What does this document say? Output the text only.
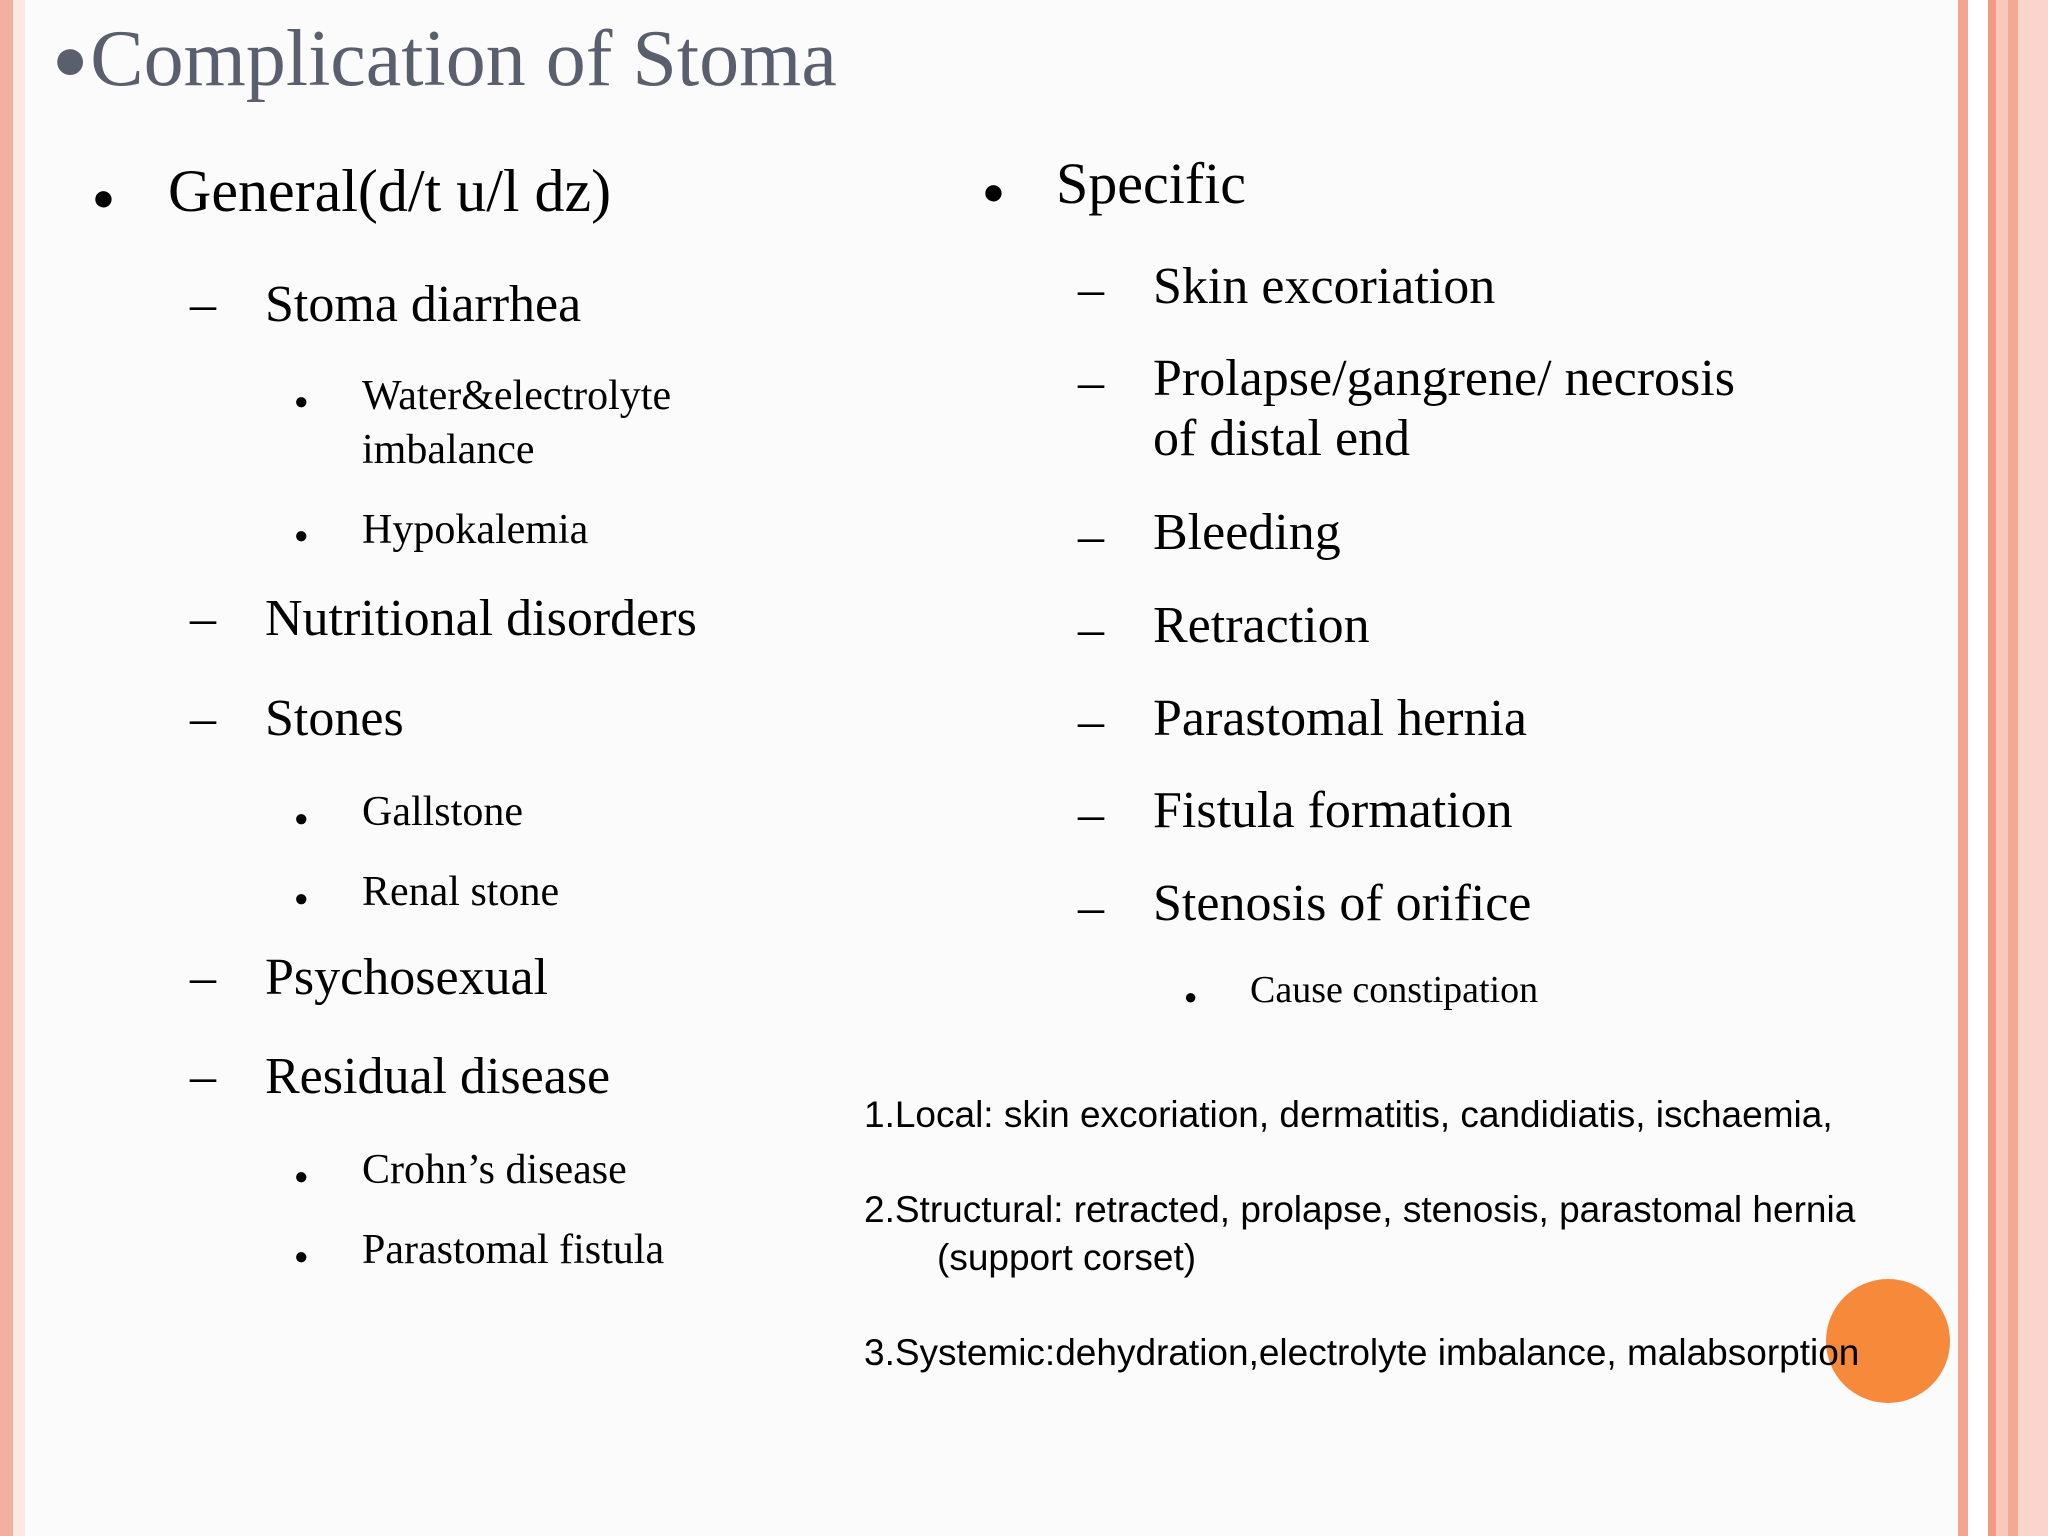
●Complication of Stoma
● General(d/t u/l dz)
– Stoma diarrhea
● Water&electrolyte
imbalance
● Hypokalemia
– Nutritional disorders
– Stones
● Gallstone
● Renal stone
– Psychosexual
– Residual disease
● Crohn’s disease
● Parastomal fistula
● Specific
– Skin excoriation
– Prolapse/gangrene/ necrosis
of distal end
– Bleeding
– Retraction
– Parastomal hernia
– Fistula formation
– Stenosis of orifice
● Cause constipation
1.Local: skin excoriation, dermatitis, candidiatis, ischaemia,
2.Structural: retracted, prolapse, stenosis, parastomal hernia
(support corset)
3.Systemic:dehydration,electrolyte imbalance, malabsorption
